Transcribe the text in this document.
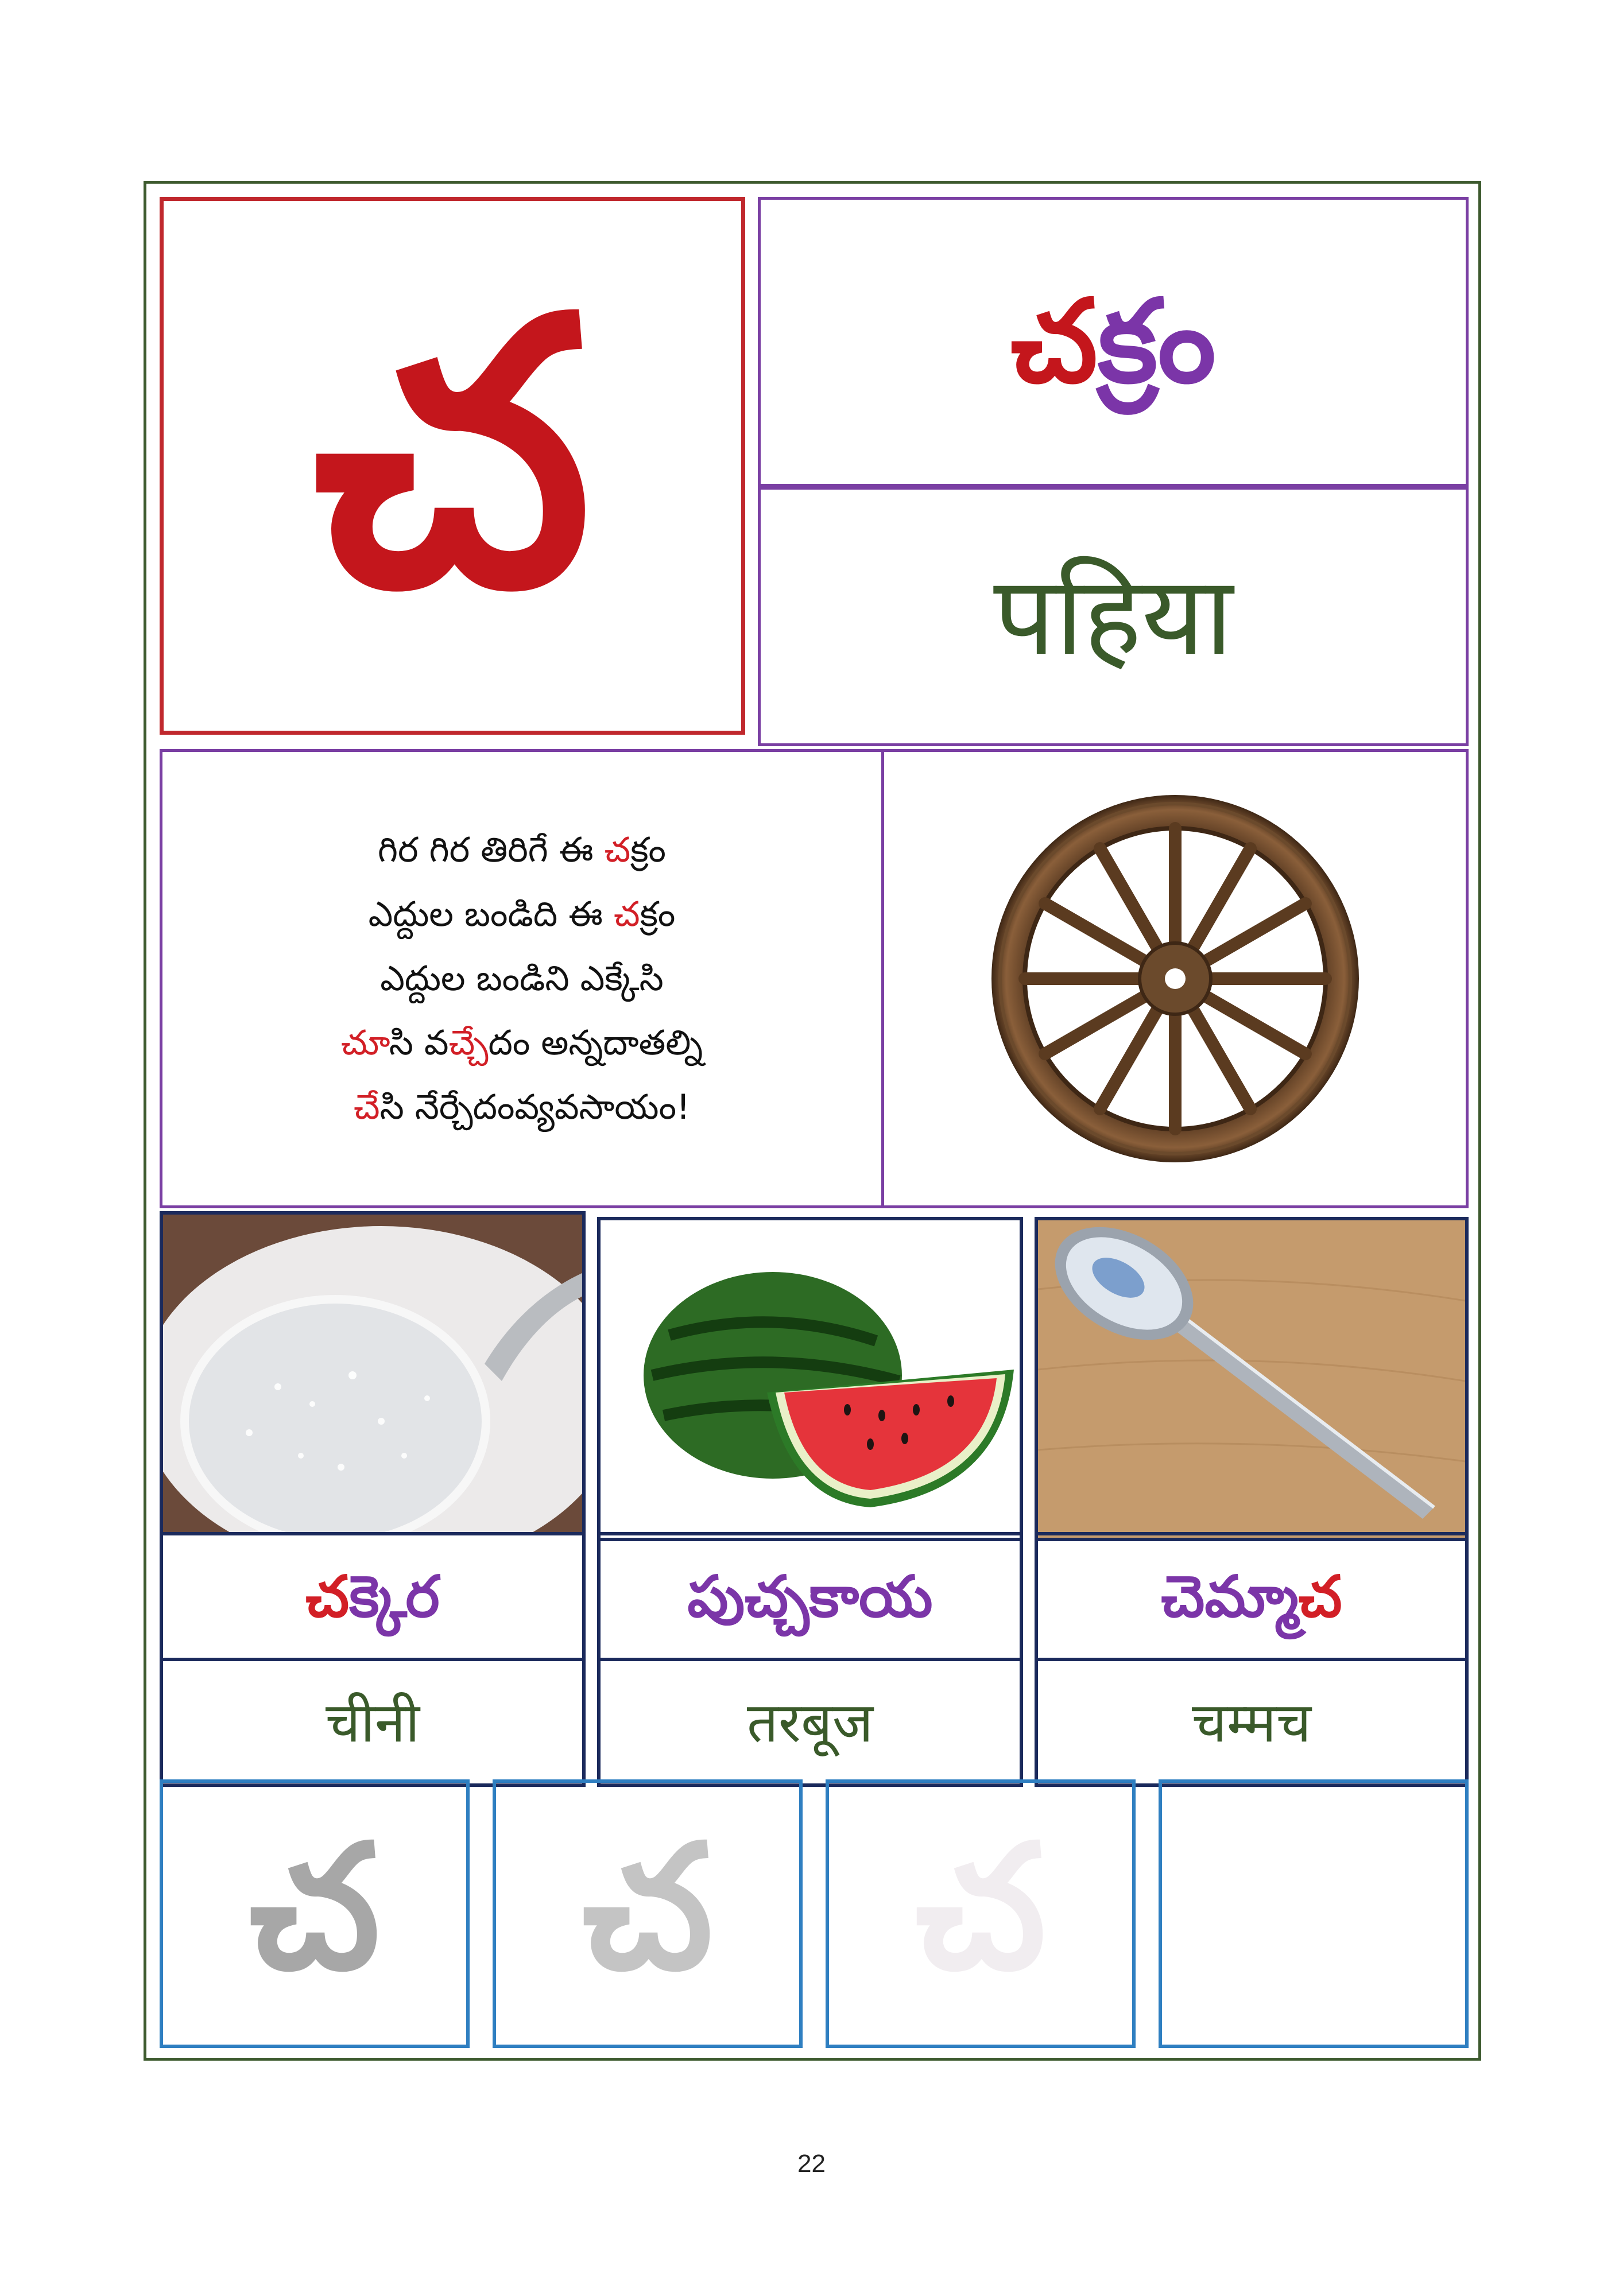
చ	చక్రం
पहिया
గిర గిర తిరిగే ఈ చక్రం
ఎద్దుల బండిది ఈ చక్రం
ఎద్దుల బండిని ఎక్కేసి
చూసి వచ్చేదం అన్నదాతల్ని
చేసి నేర్దంవ్యవసాయం!
చక్కెర
चीनी
పుచ్చకాయ
तरबूज
చెమ్మాచ
चम्मच
చ చ చ
22
